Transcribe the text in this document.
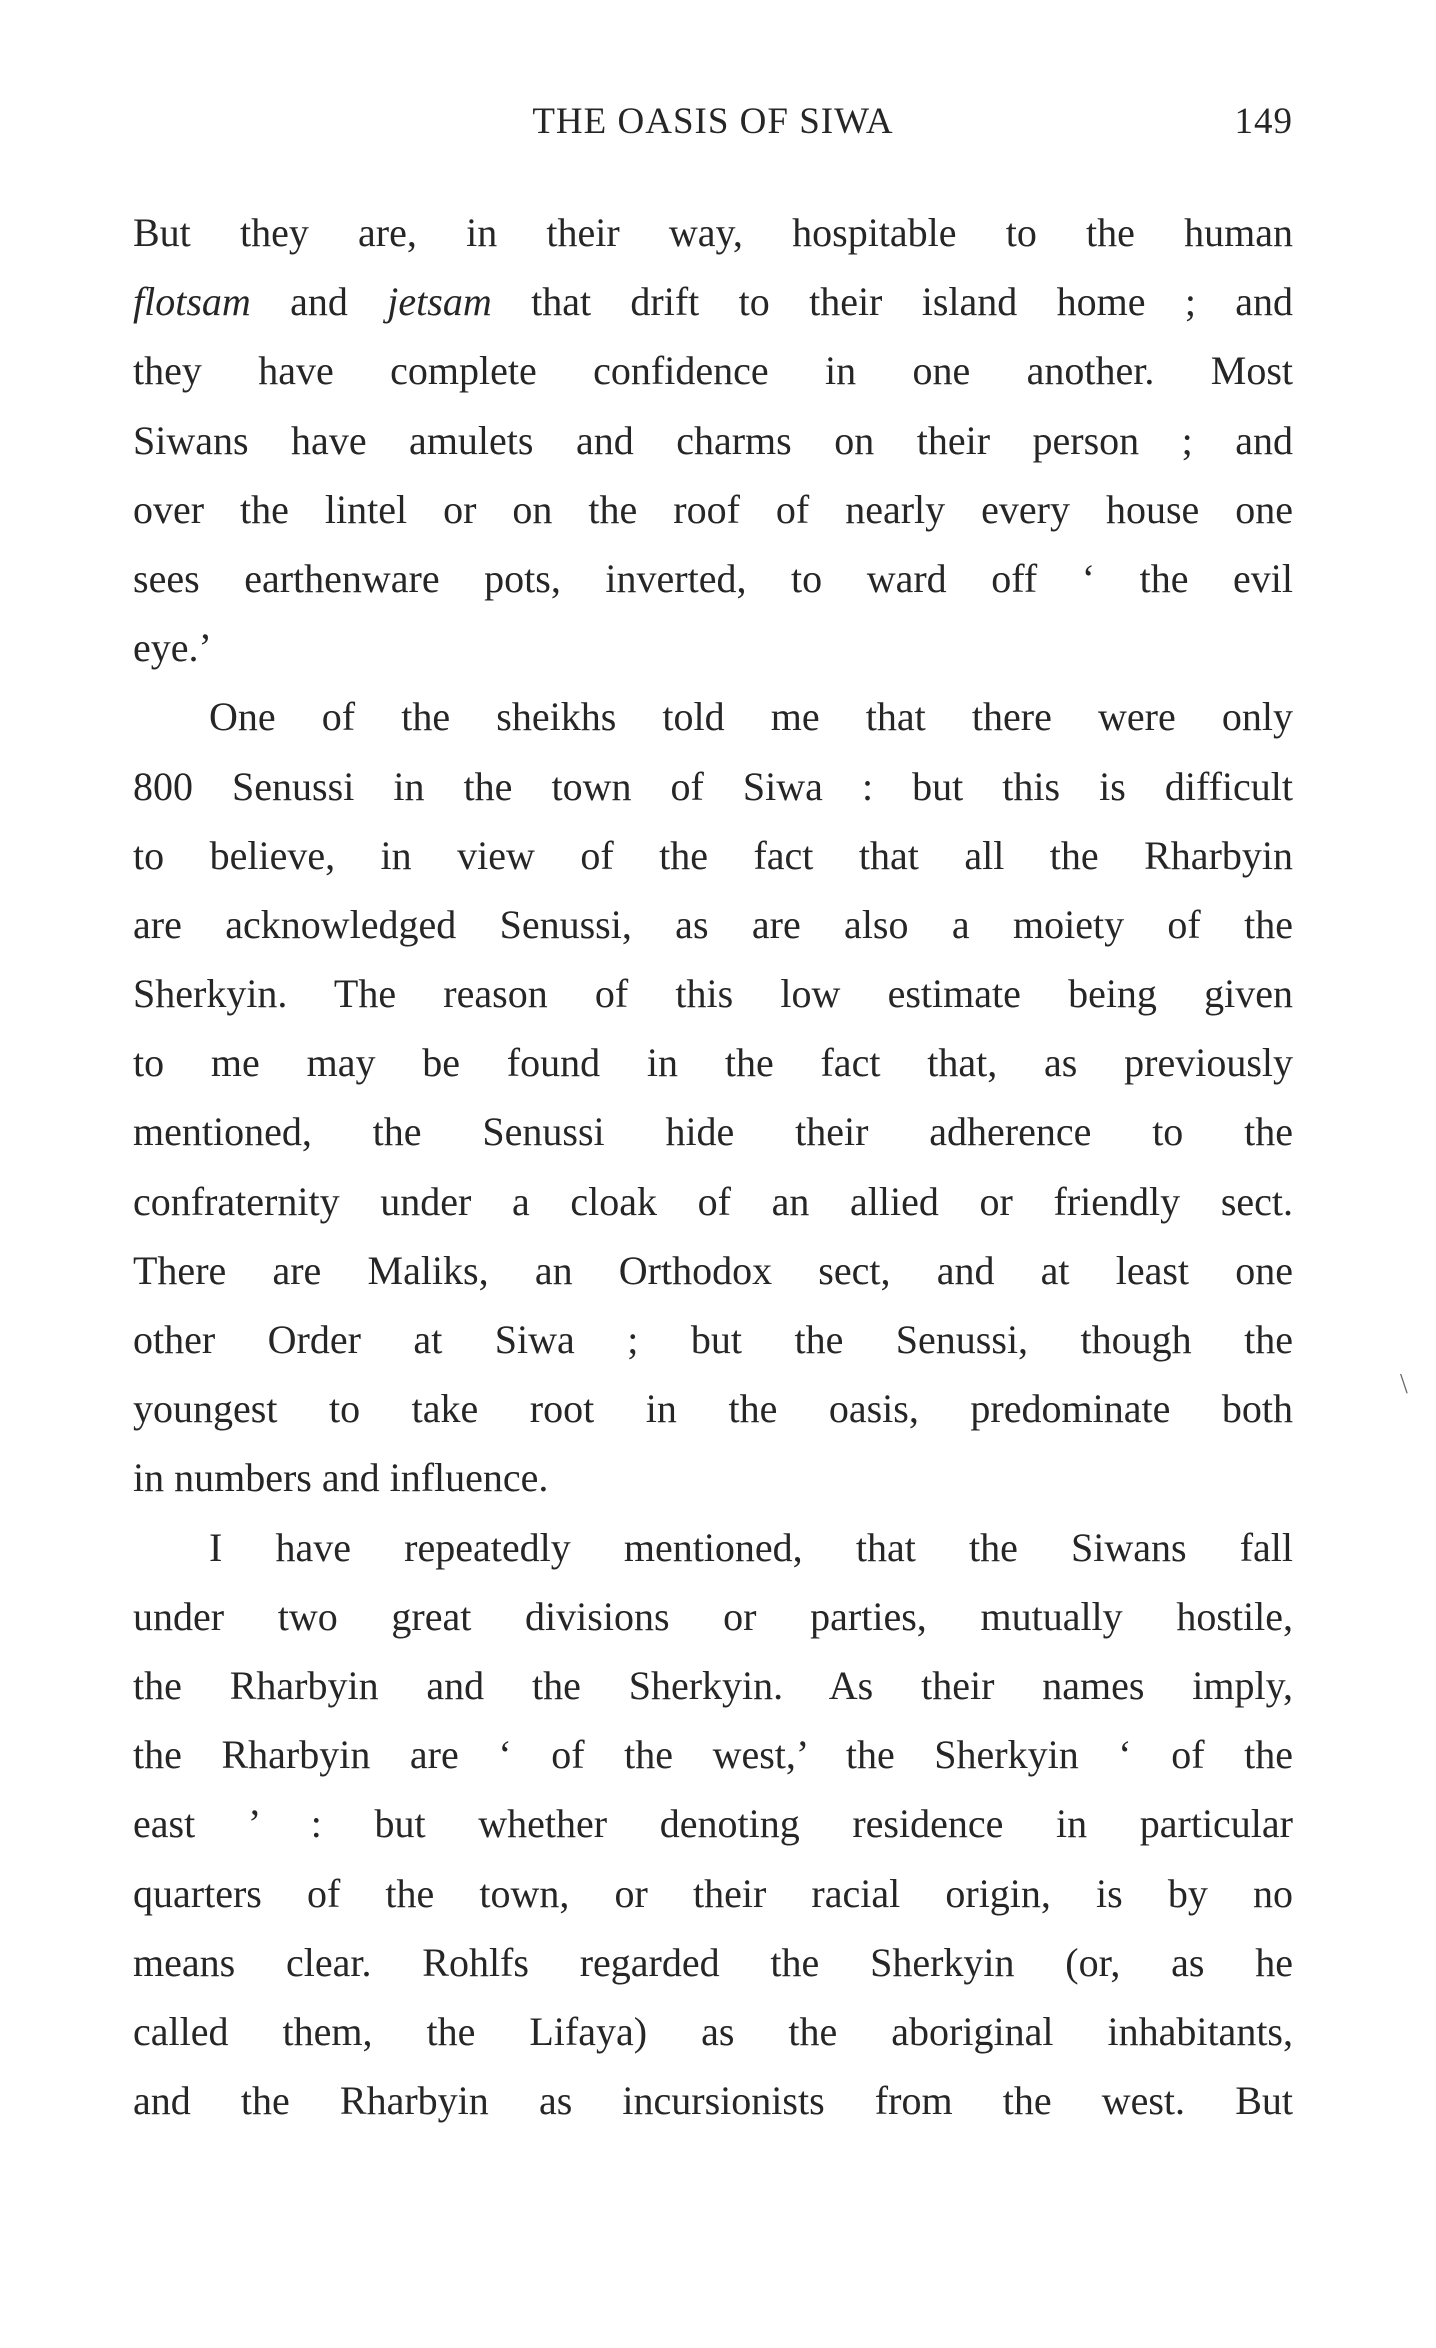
THE OASIS OF SIWA	149
But they are, in their way, hospitable to the human
flotsam and jetsam that drift to their island home ; and
they have complete confidence in one another. Most
Siwans have amulets and charms on their person ; and
over the lintel or on the roof of nearly every house one
sees earthenware pots, inverted, to ward off ‘ the evil
eye.’
One of the sheikhs told me that there were only
800 Senussi in the town of Siwa : but this is difficult
to believe, in view of the fact that all the Rharbyin
are acknowledged Senussi, as are also a moiety of the
Sherkyin. The reason of this low estimate being given
to me may be found in the fact that, as previously
mentioned, the Senussi hide their adherence to the
confraternity under a cloak of an allied or friendly sect.
There are Maliks, an Orthodox sect, and at least one
other Order at Siwa ; but the Senussi, though the
youngest to take root in the oasis, predominate both
in numbers and influence.
I have repeatedly mentioned, that the Siwans fall
under two great divisions or parties, mutually hostile,
the Rharbyin and the Sherkyin. As their names imply,
the Rharbyin are ‘ of the west,’ the Sherkyin ‘ of the
east ’ : but whether denoting residence in particular
quarters of the town, or their racial origin, is by no
means clear. Rohlfs regarded the Sherkyin (or, as he
called them, the Lifaya) as the aboriginal inhabitants,
and the Rharbyin as incursionists from the west. But
\
